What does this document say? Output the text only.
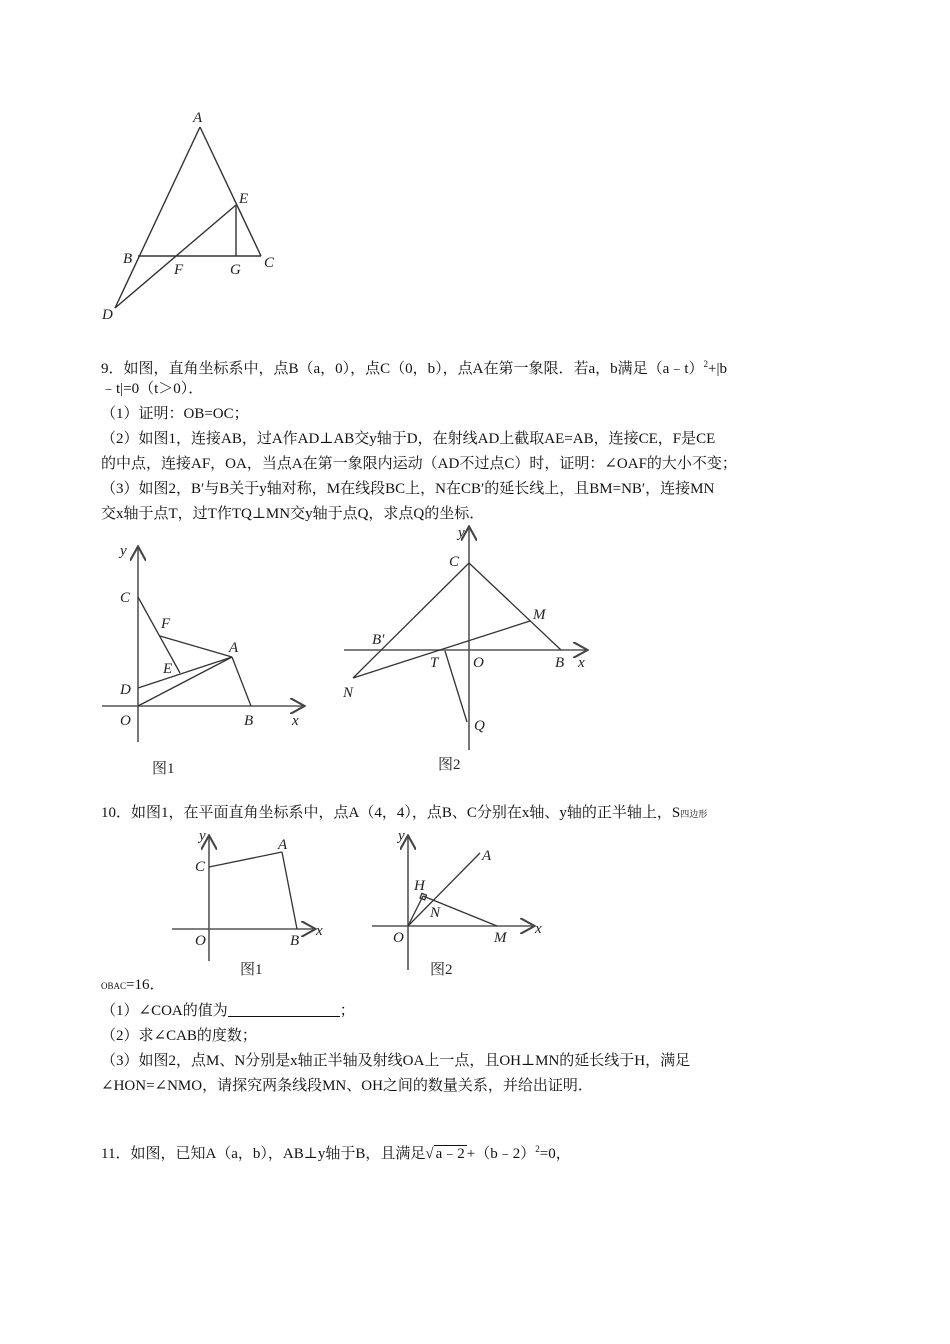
A
E
B
F	G C
D
9．如图，直角坐标系中，点B（a，0），点C（0，b），点A在第一象限．若a，b满足（a﹣t）$^2$+|b
﹣t|=0（t＞0）．
（1）证明：OB=OC；
（2）如图1，连接AB，过A作AD⊥AB交y轴于D，在射线AD上截取AE=AB，连接CE，F是CE
的中点，连接AF，OA，当点A在第一象限内运动（AD不过点C）时，证明：∠OAF的大小不变；
（3）如图2，B′与B关于y轴对称，M在线段BC上，N在CB′的延长线上，且BM=NB′，连接MN
交x轴于点T，过T作TQ⊥MN交y轴于点Q，求点Q的坐标．
y
C
F
A
E
D
O	B	x
图1
y
C
M
B′
T O	B x
N
Q
图2
10．如图1，在平面直角坐标系中，点A（4，4），点B、C分别在x轴、y轴的正半轴上，S四边形
y
A
C
O	B
x
图1
y
A
H
N
O	M
x
图2
OBAC=16．
（1）∠COA的值为	；
（2）求∠CAB的度数；
（3）如图2，点M、N分别是x轴正半轴及射线OA上一点，且OH⊥MN的延长线于H，满足
∠HON=∠NMO，请探究两条线段MN、OH之间的数量关系，并给出证明．
11．如图，已知A（a，b），AB⊥y轴于B，且满足√ a﹣2 +（b﹣2）$^2$=0，
